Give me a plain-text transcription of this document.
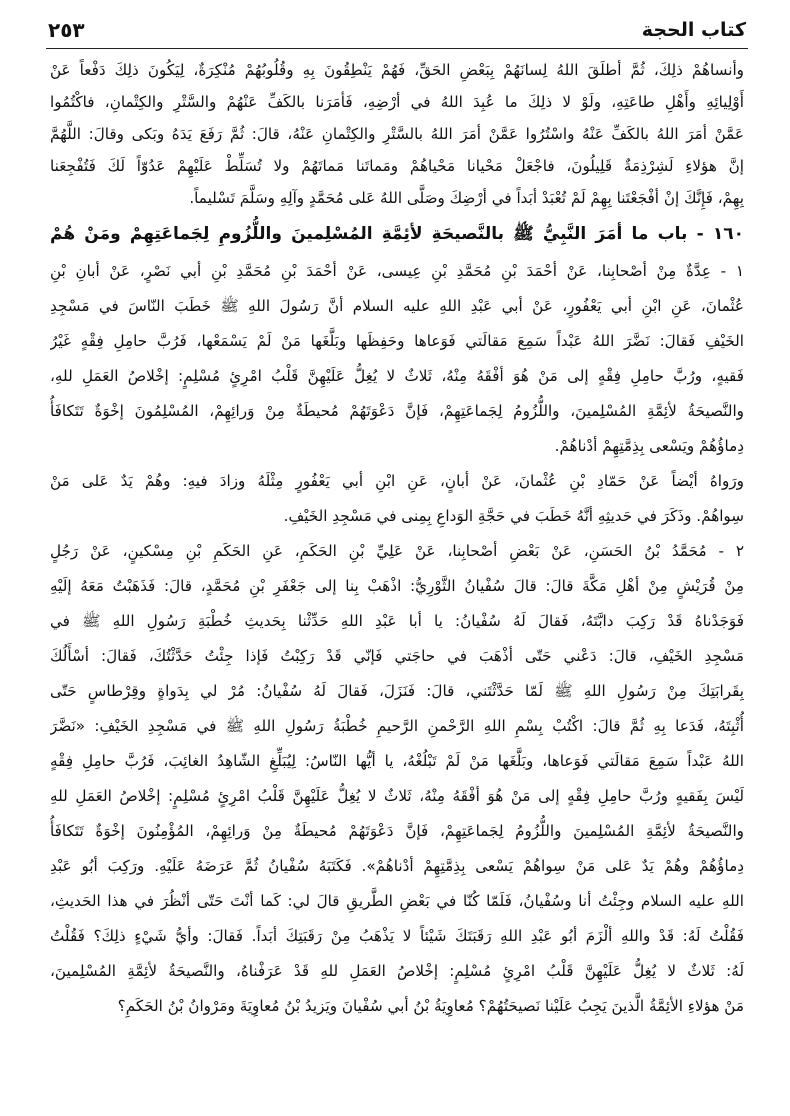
كتاب الحجة
٢٥٣
وأنساهُمْ ذلِكَ، ثُمَّ أطلَقَ اللهُ لِسانَهُمْ بِبَعْضِ الحَقِّ، فَهُمْ يَنْطِقُونَ بِهِ وقُلُوبُهُمْ مُنْكِرَةٌ، لِيَكُونَ ذلِكَ دَفْعاً عَنْ
أَوْلِيائِهِ وأَهْلِ طاعَتِهِ، ولَوْ لا ذلِكَ ما عُبِدَ اللهُ في أرْضِهِ، فَأمَرَنا بالكَفِّ عَنْهُمْ والسَّتْرِ والكِتْمانِ، فاكْتُمُوا
عَمَّنْ أمَرَ اللهُ بالكَفِّ عَنْهُ واسْتُرُوا عَمَّنْ أمَرَ اللهُ بالسَّتْرِ والكِتْمانِ عَنْهُ، قالَ: ثُمَّ رَفَعَ يَدَهُ وبَكى وقالَ: اللَّهُمَّ
إنَّ هؤلاءِ لَشِرْذِمَةٌ قَلِيلُونَ، فاجْعَلْ مَحْيانا مَحْياهُمْ ومَماتَنا مَماتَهُمْ ولا تُسَلِّطْ عَلَيْهِمْ عَدُوّاً لَكَ فَتُفْجِعَنا
بِهِمْ، فَإِنَّكَ إنْ أفْجَعْتَنا بِهِمْ لَمْ تُعْبَدْ أبَداً في أرْضِكَ وصَلَّى اللهُ عَلى مُحَمَّدٍ وآلِهِ وسَلَّمَ تَسْليماً.
١٦٠ - باب ما أمَرَ النَّبِيُّ ﷺ بالنَّصيحَةِ لأئِمَّةِ المُسْلِمينَ واللُّزُومِ لِجَماعَتِهِمْ ومَنْ هُمْ
١ - عِدَّةٌ مِنْ أصْحابِنا، عَنْ أحْمَدَ بْنِ مُحَمَّدِ بْنِ عِيسى، عَنْ أحْمَدَ بْنِ مُحَمَّدِ بْنِ أبي نَصْرٍ، عَنْ أبانِ بْنِ
عُثْمانَ، عَنِ ابْنِ أبي يَعْفُورٍ، عَنْ أبي عَبْدِ اللهِ عليه السلام أنَّ رَسُولَ اللهِ ﷺ خَطَبَ النّاسَ في مَسْجِدِ
الخَيْفِ فَقالَ: نَضَّرَ اللهُ عَبْداً سَمِعَ مَقالَتي فَوَعاها وحَفِظَها وبَلَّغَها مَنْ لَمْ يَسْمَعْها، فَرُبَّ حامِلِ فِقْهٍ غَيْرُ
فَقيهٍ، ورُبَّ حامِلِ فِقْهٍ إلى مَنْ هُوَ أفْقَهُ مِنْهُ، ثَلاثٌ لا يُغِلُّ عَلَيْهِنَّ قَلْبُ امْرِئٍ مُسْلِمٍ: إخْلاصُ العَمَلِ للهِ،
والنَّصيحَةُ لأئِمَّةِ المُسْلِمينَ، واللُّزُومُ لِجَماعَتِهِمْ، فَإنَّ دَعْوَتَهُمْ مُحيطَةٌ مِنْ وَرائِهِمْ، المُسْلِمُونَ إخْوَةٌ تَتَكافَأُ
دِماؤُهُمْ ويَسْعى بِذِمَّتِهِمْ أدْناهُمْ.
ورَواهُ أيْضاً عَنْ حَمّادِ بْنِ عُثْمانَ، عَنْ أبانٍ، عَنِ ابْنِ أبي يَعْفُورٍ مِثْلَهُ وزادَ فيهِ: وهُمْ يَدٌ عَلى مَنْ
سِواهُمْ. وذَكَرَ في حَديثِهِ أنَّهُ خَطَبَ في حَجَّةِ الوَداعِ بِمِنى في مَسْجِدِ الخَيْفِ.
٢ - مُحَمَّدُ بْنُ الحَسَنِ، عَنْ بَعْضِ أصْحابِنا، عَنْ عَلِيِّ بْنِ الحَكَمِ، عَنِ الحَكَمِ بْنِ مِسْكينٍ، عَنْ رَجُلٍ
مِنْ قُرَيْشٍ مِنْ أهْلِ مَكَّةَ قالَ: قالَ سُفْيانُ الثَّوْرِيُّ: اذْهَبْ بِنا إلى جَعْفَرِ بْنِ مُحَمَّدٍ، قالَ: فَذَهَبْتُ مَعَهُ إلَيْهِ
فَوَجَدْناهُ قَدْ رَكِبَ دابَّتَهُ، فَقالَ لَهُ سُفْيانُ: يا أبا عَبْدِ اللهِ حَدِّثْنا بِحَديثِ خُطْبَةِ رَسُولِ اللهِ ﷺ في
مَسْجِدِ الخَيْفِ، قالَ: دَعْني حَتّى أذْهَبَ في حاجَتي فَإنّي قَدْ رَكِبْتُ فَإذا جِئْتُ حَدَّثْتُكَ، فَقالَ: أسْأَلُكَ
بِقَرابَتِكَ مِنْ رَسُولِ اللهِ ﷺ لَمّا حَدَّثْتَني، قالَ: فَنَزَلَ، فَقالَ لَهُ سُفْيانُ: مُرْ لي بِدَواةٍ وقِرْطاسٍ حَتّى
أُثْبِتَهُ، فَدَعا بِهِ ثُمَّ قالَ: اكْتُبْ بِسْمِ اللهِ الرَّحْمنِ الرَّحيمِ خُطْبَةُ رَسُولِ اللهِ ﷺ في مَسْجِدِ الخَيْفِ: «نَضَّرَ
اللهُ عَبْداً سَمِعَ مَقالَتي فَوَعاها، وبَلَّغَها مَنْ لَمْ تَبْلُغْهُ، يا أيُّها النّاسُ: لِيُبَلِّغِ الشّاهِدُ الغائِبَ، فَرُبَّ حامِلِ فِقْهٍ
لَيْسَ بِفَقيهٍ ورُبَّ حامِلِ فِقْهٍ إلى مَنْ هُوَ أفْقَهُ مِنْهُ، ثَلاثٌ لا يُغِلُّ عَلَيْهِنَّ قَلْبُ امْرِئٍ مُسْلِمٍ: إخْلاصُ العَمَلِ للهِ
والنَّصيحَةُ لأئِمَّةِ المُسْلِمينَ واللُّزُومُ لِجَماعَتِهِمْ، فَإنَّ دَعْوَتَهُمْ مُحيطَةٌ مِنْ وَرائِهِمْ، المُؤْمِنُونَ إخْوَةٌ تَتَكافَأُ
دِماؤُهُمْ وهُمْ يَدٌ عَلى مَنْ سِواهُمْ يَسْعى بِذِمَّتِهِمْ أدْناهُمْ». فَكَتَبَهُ سُفْيانُ ثُمَّ عَرَضَهُ عَلَيْهِ. ورَكِبَ أبُو عَبْدِ
اللهِ عليه السلام وجِئْتُ أنا وسُفْيانُ، فَلَمّا كُنّا في بَعْضِ الطَّريقِ قالَ لي: كَما أنْتَ حَتّى أنْظُرَ في هذا الحَديثِ،
فَقُلْتُ لَهُ: قَدْ واللهِ ألْزَمَ أبُو عَبْدِ اللهِ رَقَبَتَكَ شَيْئاً لا يَذْهَبُ مِنْ رَقَبَتِكَ أبَداً. فَقالَ: وأيُّ شَيْءٍ ذلِكَ؟ فَقُلْتُ
لَهُ: ثَلاثٌ لا يُغِلُّ عَلَيْهِنَّ قَلْبُ امْرِئٍ مُسْلِمٍ: إخْلاصُ العَمَلِ للهِ قَدْ عَرَفْناهُ، والنَّصيحَةُ لأئِمَّةِ المُسْلِمينَ،
مَنْ هؤلاءِ الأئِمَّةُ الَّذينَ يَجِبُ عَلَيْنا نَصيحَتُهُمْ؟ مُعاوِيَةُ بْنُ أبي سُفْيانَ ويَزيدُ بْنُ مُعاوِيَةَ ومَرْوانُ بْنُ الحَكَمِ؟
